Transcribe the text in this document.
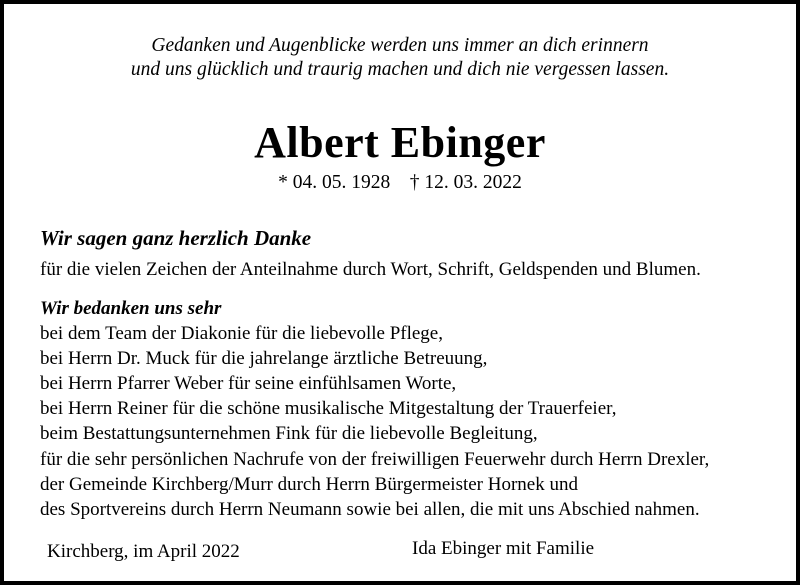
Gedanken und Augenblicke werden uns immer an dich erinnern
und uns glücklich und traurig machen und dich nie vergessen lassen.
Albert Ebinger
* 04. 05. 1928    † 12. 03. 2022
Wir sagen ganz herzlich Danke
für die vielen Zeichen der Anteilnahme durch Wort, Schrift, Geldspenden und Blumen.
Wir bedanken uns sehr
bei dem Team der Diakonie für die liebevolle Pflege,
bei Herrn Dr. Muck für die jahrelange ärztliche Betreuung,
bei Herrn Pfarrer Weber für seine einfühlsamen Worte,
bei Herrn Reiner für die schöne musikalische Mitgestaltung der Trauerfeier,
beim Bestattungsunternehmen Fink für die liebevolle Begleitung,
für die sehr persönlichen Nachrufe von der freiwilligen Feuerwehr durch Herrn Drexler,
der Gemeinde Kirchberg/Murr durch Herrn Bürgermeister Hornek und
des Sportvereins durch Herrn Neumann sowie bei allen, die mit uns Abschied nahmen.
Kirchberg, im April 2022	Ida Ebinger mit Familie
